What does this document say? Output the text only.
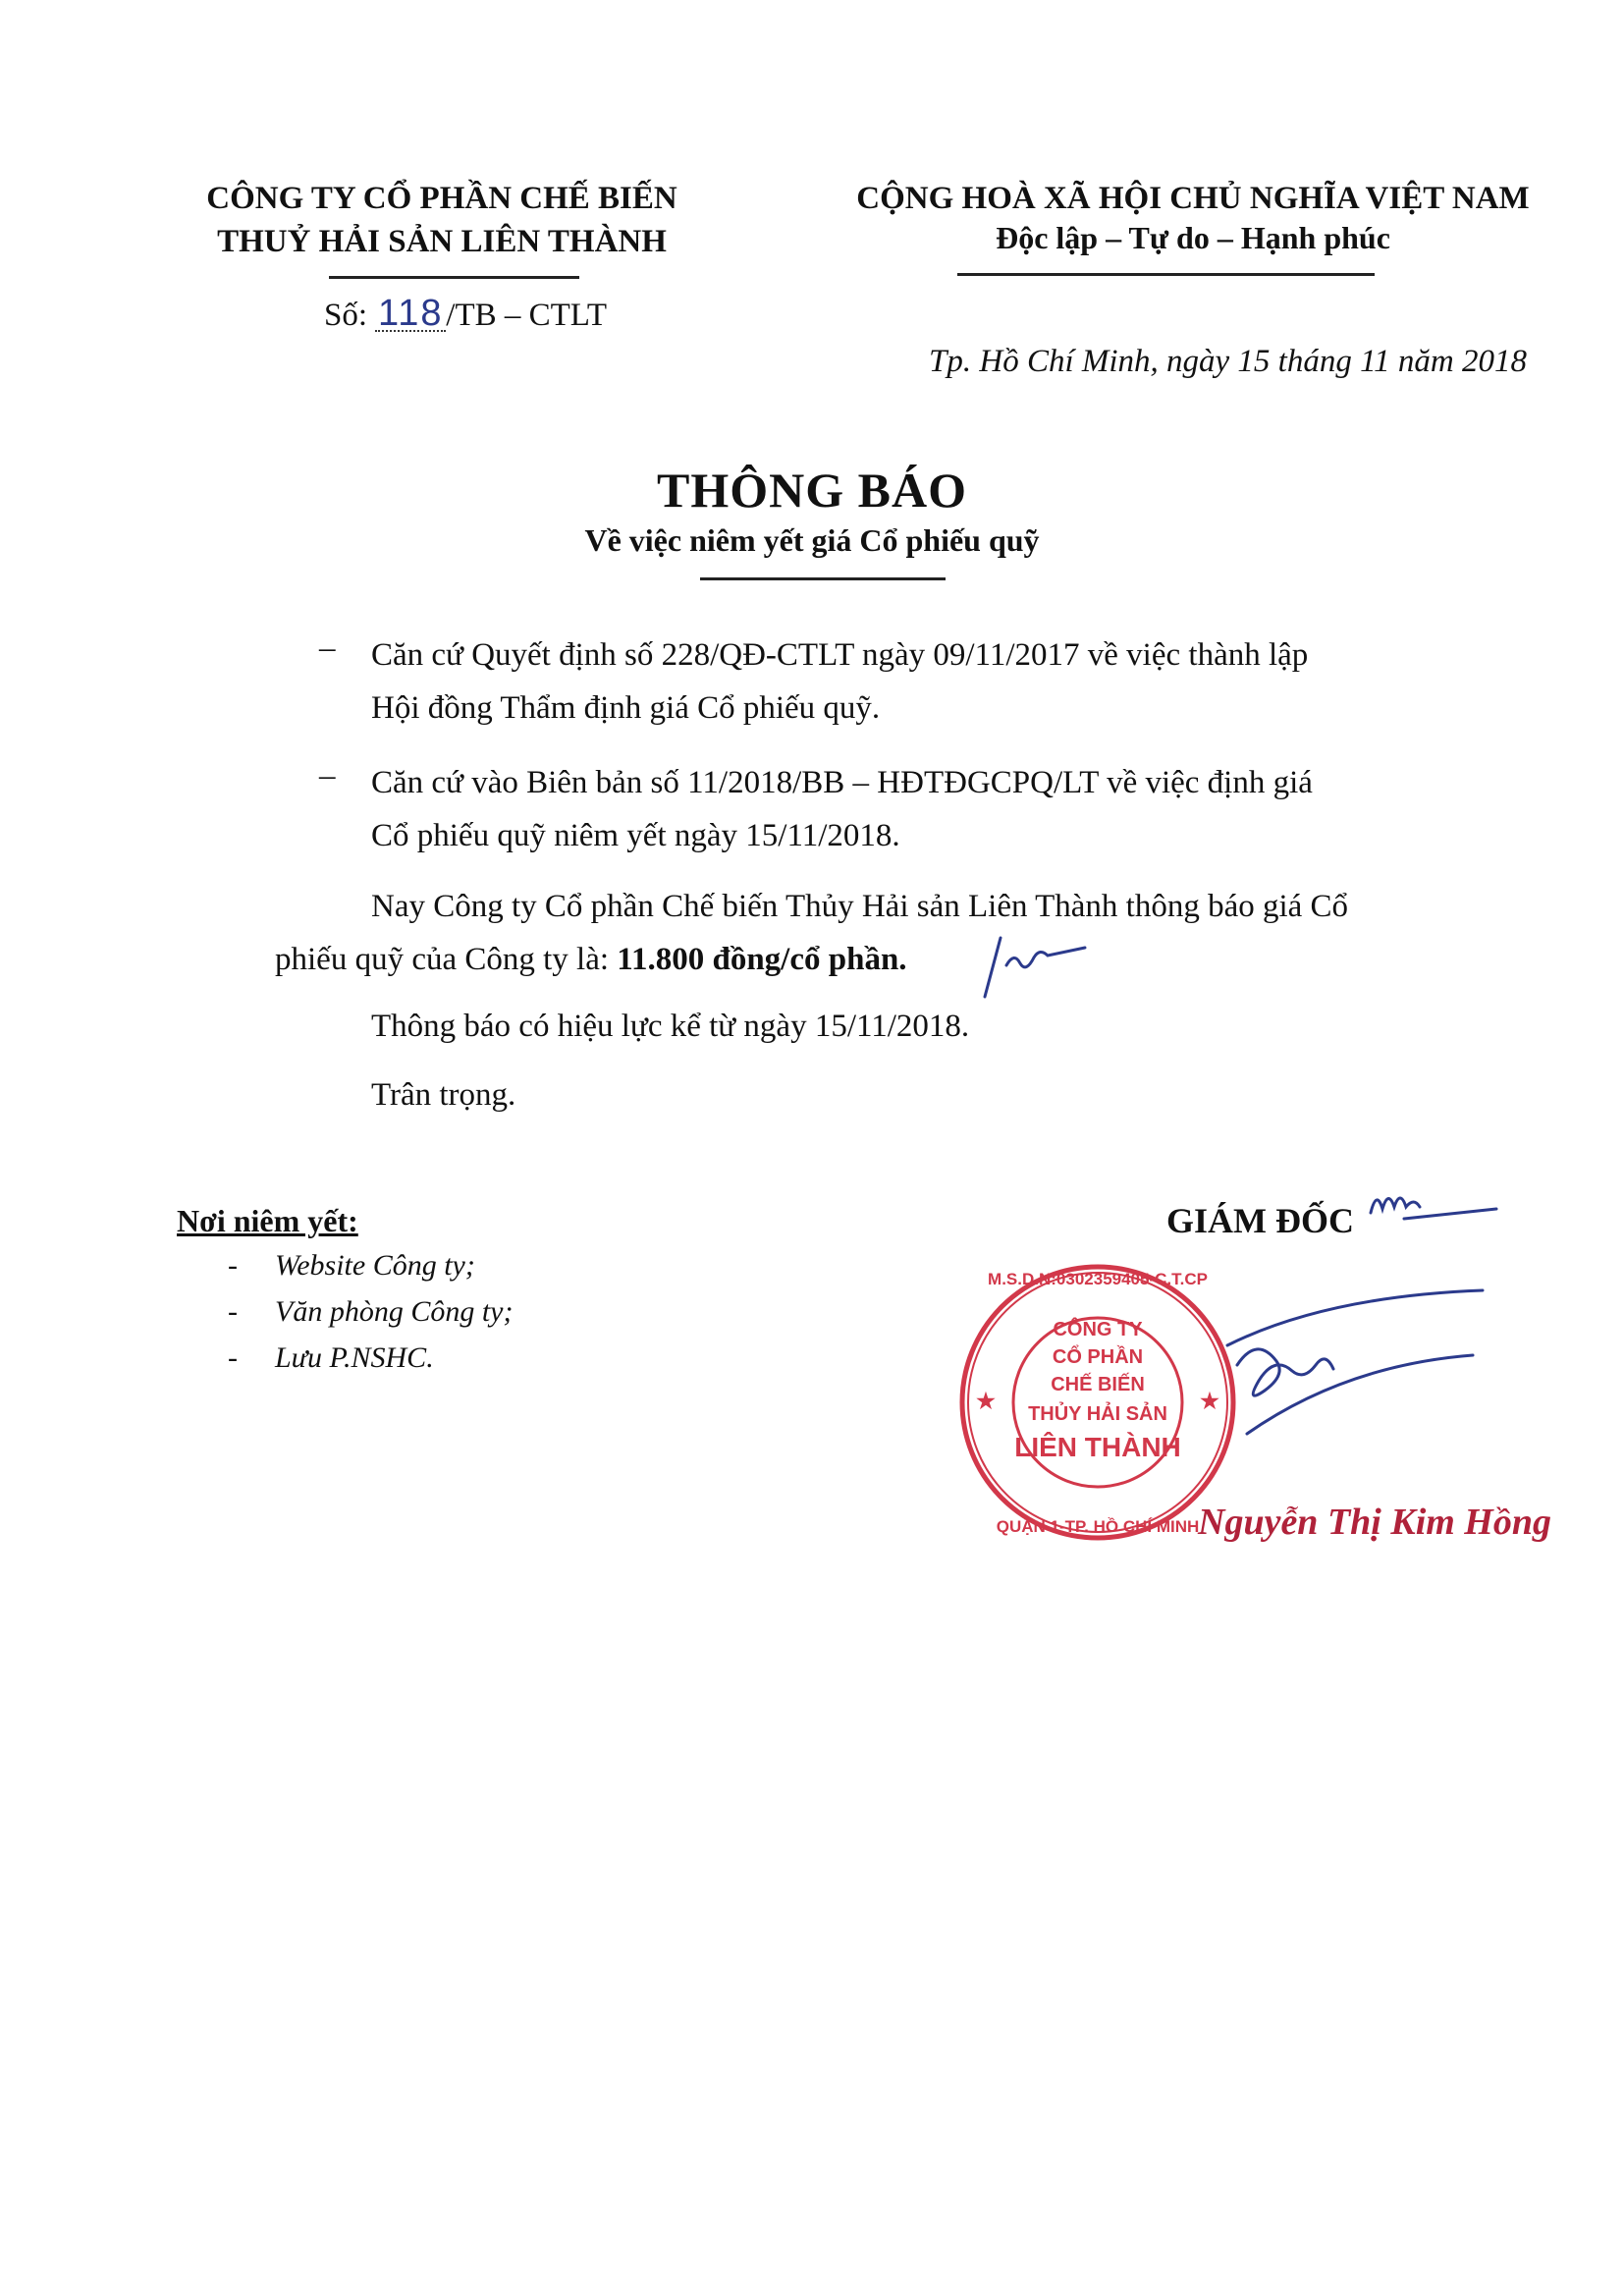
CÔNG TY CỔ PHẦN CHẾ BIẾN
THUỶ HẢI SẢN LIÊN THÀNH
Số: 118/TB – CTLT
CỘNG HOÀ XÃ HỘI CHỦ NGHĨA VIỆT NAM
Độc lập – Tự do – Hạnh phúc
Tp. Hồ Chí Minh, ngày 15 tháng 11 năm 2018
THÔNG BÁO
Về việc niêm yết giá Cổ phiếu quỹ
– Căn cứ Quyết định số 228/QĐ-CTLT ngày 09/11/2017 về việc thành lập
Hội đồng Thẩm định giá Cổ phiếu quỹ.
– Căn cứ vào Biên bản số 11/2018/BB – HĐTĐGCPQ/LT về việc định giá
Cổ phiếu quỹ niêm yết ngày 15/11/2018.
Nay Công ty Cổ phần Chế biến Thủy Hải sản Liên Thành thông báo giá Cổ
phiếu quỹ của Công ty là: 11.800 đồng/cổ phần.
Thông báo có hiệu lực kể từ ngày 15/11/2018.
Trân trọng.
Nơi niêm yết:
- Website Công ty;
- Văn phòng Công ty;
- Lưu P.NSHC.
GIÁM ĐỐC
CÔNG TY
CỔ PHẦN
CHẾ BIẾN
THỦY HẢI SẢN
LIÊN THÀNH
M.S.D.N:0302359405-C.T.CP
QUẬN 1-TP. HỒ CHÍ MINH
★	★
Nguyễn Thị Kim Hồng
